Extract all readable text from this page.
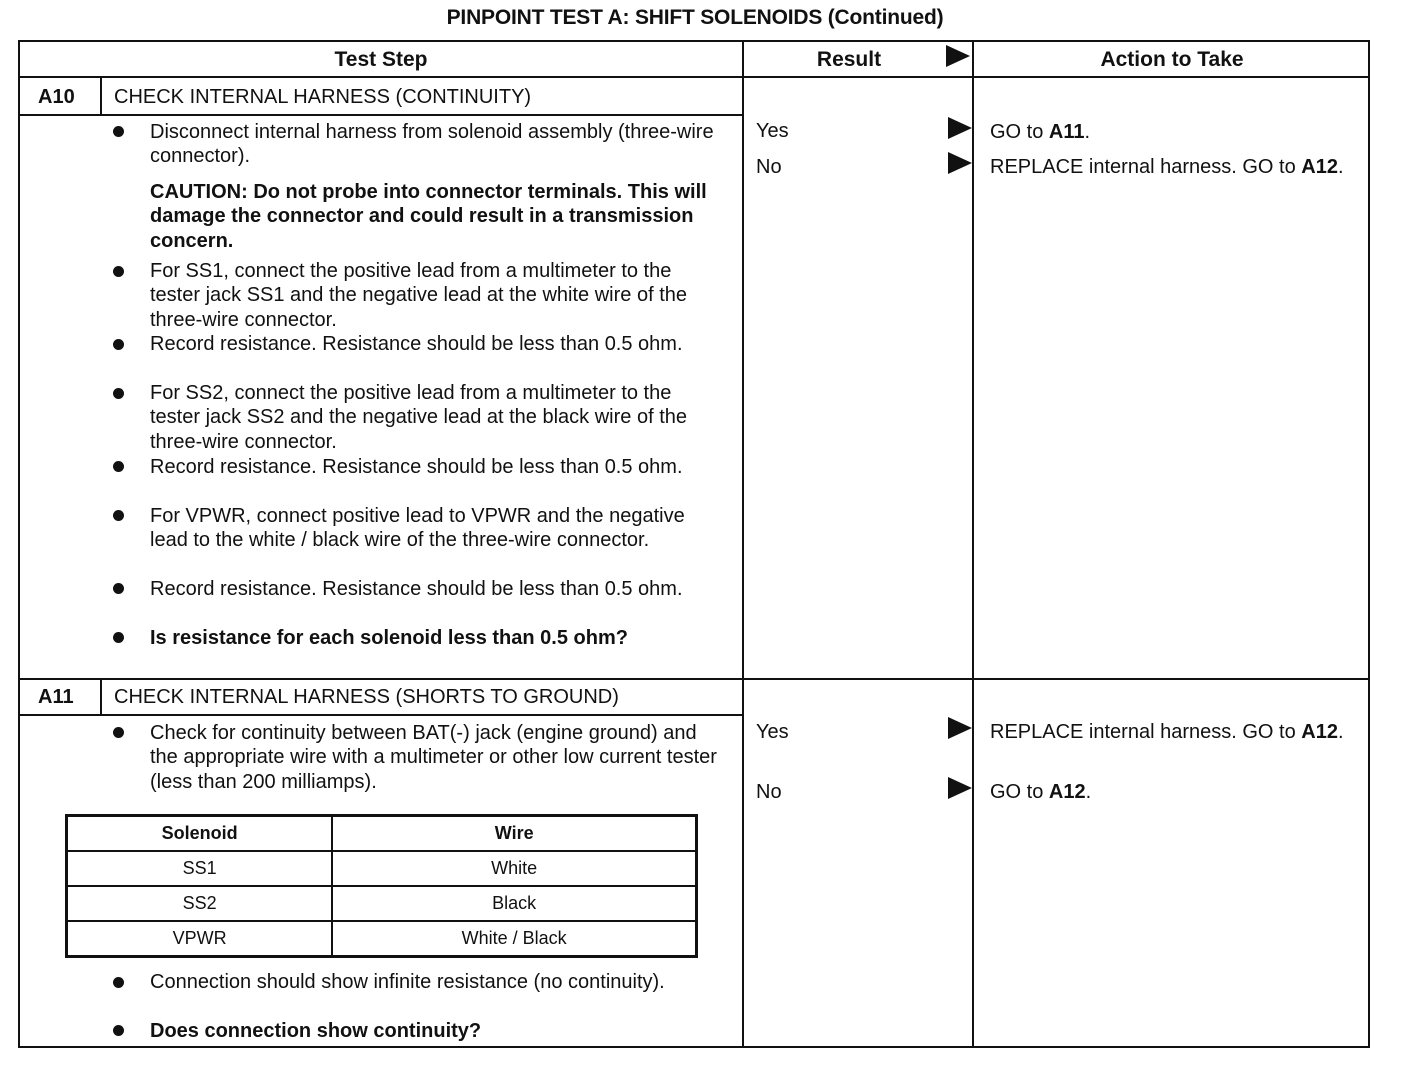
PINPOINT TEST A: SHIFT SOLENOIDS (Continued)
Test Step	Result	Action to Take
A10 CHECK INTERNAL HARNESS (CONTINUITY)
Disconnect internal harness from solenoid assembly (three-wire connector).
CAUTION: Do not probe into connector terminals. This will damage the connector and could result in a transmission concern.
For SS1, connect the positive lead from a multimeter to the tester jack SS1 and the negative lead at the white wire of the three-wire connector.
Record resistance. Resistance should be less than 0.5 ohm.
For SS2, connect the positive lead from a multimeter to the tester jack SS2 and the negative lead at the black wire of the three-wire connector.
Record resistance. Resistance should be less than 0.5 ohm.
For VPWR, connect positive lead to VPWR and the negative lead to the white / black wire of the three-wire connector.
Record resistance. Resistance should be less than 0.5 ohm.
Is resistance for each solenoid less than 0.5 ohm?
Yes	GO to A11.
No	REPLACE internal harness. GO to A12.
A11 CHECK INTERNAL HARNESS (SHORTS TO GROUND)
Check for continuity between BAT(-) jack (engine ground) and the appropriate wire with a multimeter or other low current tester (less than 200 milliamps).
Solenoid	Wire
SS1	White
SS2	Black
VPWR	White / Black
Connection should show infinite resistance (no continuity).
Does connection show continuity?
Yes	REPLACE internal harness. GO to A12.
No	GO to A12.
